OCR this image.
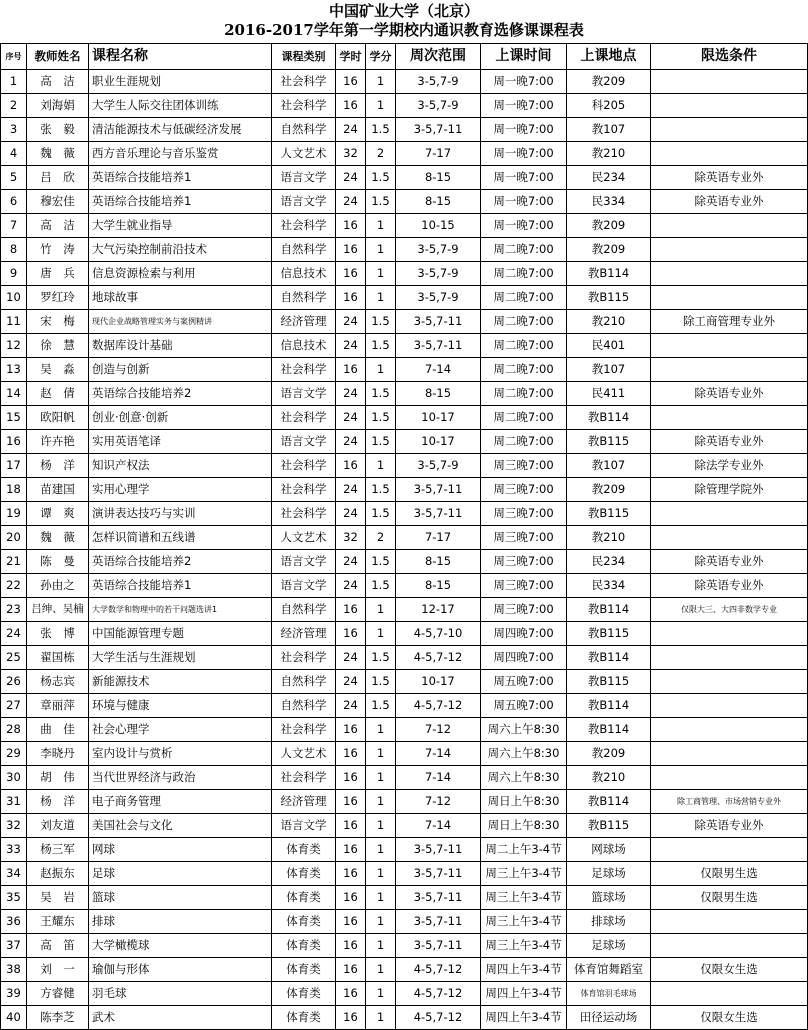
中国矿业大学（北京）
2016-2017学年第一学期校内通识教育选修课课程表
序号	教师姓名	课程名称	课程类别	学时	学分	周次范围	上课时间	上课地点	限选条件
1	高　洁	职业生涯规划	社会科学	16	1	3-5,7-9	周一晚7:00	教209	
2	刘海娟	大学生人际交往团体训练	社会科学	16	1	3-5,7-9	周一晚7:00	科205	
3	张　毅	清洁能源技术与低碳经济发展	自然科学	24	1.5	3-5,7-11	周一晚7:00	教107	
4	魏　薇	西方音乐理论与音乐鉴赏	人文艺术	32	2	7-17	周一晚7:00	教210	
5	吕　欣	英语综合技能培养1	语言文学	24	1.5	8-15	周一晚7:00	民234	除英语专业外
6	穆宏佳	英语综合技能培养1	语言文学	24	1.5	8-15	周一晚7:00	民334	除英语专业外
7	高　洁	大学生就业指导	社会科学	16	1	10-15	周一晚7:00	教209	
8	竹　涛	大气污染控制前沿技术	自然科学	16	1	3-5,7-9	周二晚7:00	教209	
9	唐　兵	信息资源检索与利用	信息技术	16	1	3-5,7-9	周二晚7:00	教B114	
10	罗红玲	地球故事	自然科学	16	1	3-5,7-9	周二晚7:00	教B115	
11	宋　梅	现代企业战略管理实务与案例精讲	经济管理	24	1.5	3-5,7-11	周二晚7:00	教210	除工商管理专业外
12	徐　慧	数据库设计基础	信息技术	24	1.5	3-5,7-11	周二晚7:00	民401	
13	吴　淼	创造与创新	社会科学	16	1	7-14	周二晚7:00	教107	
14	赵　倩	英语综合技能培养2	语言文学	24	1.5	8-15	周二晚7:00	民411	除英语专业外
15	欧阳帆	创业·创意·创新	社会科学	24	1.5	10-17	周二晚7:00	教B114	
16	许卉艳	实用英语笔译	语言文学	24	1.5	10-17	周二晚7:00	教B115	除英语专业外
17	杨　洋	知识产权法	社会科学	16	1	3-5,7-9	周三晚7:00	教107	除法学专业外
18	苗建国	实用心理学	社会科学	24	1.5	3-5,7-11	周三晚7:00	教209	除管理学院外
19	谭　爽	演讲表达技巧与实训	社会科学	24	1.5	3-5,7-11	周三晚7:00	教B115	
20	魏　薇	怎样识简谱和五线谱	人文艺术	32	2	7-17	周三晚7:00	教210	
21	陈　曼	英语综合技能培养2	语言文学	24	1.5	8-15	周三晚7:00	民234	除英语专业外
22	孙由之	英语综合技能培养1	语言文学	24	1.5	8-15	周三晚7:00	民334	除英语专业外
23	吕绅、吴楠	大学数学和物理中的若干问题选讲1	自然科学	16	1	12-17	周三晚7:00	教B114	仅限大三、大四非数学专业
24	张　博	中国能源管理专题	经济管理	16	1	4-5,7-10	周四晚7:00	教B115	
25	翟国栋	大学生活与生涯规划	社会科学	24	1.5	4-5,7-12	周四晚7:00	教B114	
26	杨志宾	新能源技术	自然科学	24	1.5	10-17	周五晚7:00	教B115	
27	章丽萍	环境与健康	自然科学	24	1.5	4-5,7-12	周五晚7:00	教B114	
28	曲　佳	社会心理学	社会科学	16	1	7-12	周六上午8:30	教B114	
29	李晓丹	室内设计与赏析	人文艺术	16	1	7-14	周六上午8:30	教209	
30	胡　伟	当代世界经济与政治	社会科学	16	1	7-14	周六上午8:30	教210	
31	杨　洋	电子商务管理	经济管理	16	1	7-12	周日上午8:30	教B114	除工商管理、市场营销专业外
32	刘友道	美国社会与文化	语言文学	16	1	7-14	周日上午8:30	教B115	除英语专业外
33	杨三军	网球	体育类	16	1	3-5,7-11	周二上午3-4节	网球场	
34	赵振东	足球	体育类	16	1	3-5,7-11	周三上午3-4节	足球场	仅限男生选
35	吴　岩	篮球	体育类	16	1	3-5,7-11	周三上午3-4节	篮球场	仅限男生选
36	王耀东	排球	体育类	16	1	3-5,7-11	周三上午3-4节	排球场	
37	高　笛	大学橄榄球	体育类	16	1	3-5,7-11	周三上午3-4节	足球场	
38	刘　一	瑜伽与形体	体育类	16	1	4-5,7-12	周四上午3-4节	体育馆舞蹈室	仅限女生选
39	方睿健	羽毛球	体育类	16	1	4-5,7-12	周四上午3-4节	体育馆羽毛球场	
40	陈李芝	武术	体育类	16	1	4-5,7-12	周四上午3-4节	田径运动场	仅限女生选
